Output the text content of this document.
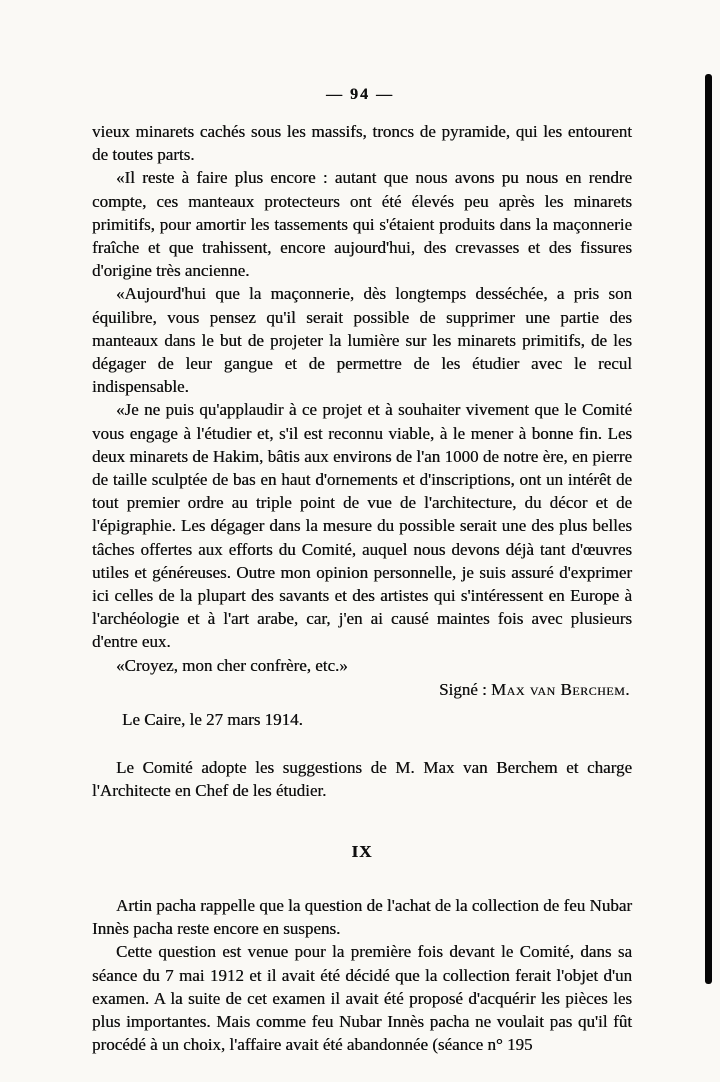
— 94 —

vieux minarets cachés sous les massifs, troncs de pyramide, qui les entourent de toutes parts.

«Il reste à faire plus encore : autant que nous avons pu nous en rendre compte, ces manteaux protecteurs ont été élevés peu après les minarets primitifs, pour amortir les tassements qui s'étaient produits dans la maçonnerie fraîche et que trahissent, encore aujourd'hui, des crevasses et des fissures d'origine très ancienne.

«Aujourd'hui que la maçonnerie, dès longtemps desséchée, a pris son équilibre, vous pensez qu'il serait possible de supprimer une partie des manteaux dans le but de projeter la lumière sur les minarets primitifs, de les dégager de leur gangue et de permettre de les étudier avec le recul indispensable.

«Je ne puis qu'applaudir à ce projet et à souhaiter vivement que le Comité vous engage à l'étudier et, s'il est reconnu viable, à le mener à bonne fin. Les deux minarets de Hakim, bâtis aux environs de l'an 1000 de notre ère, en pierre de taille sculptée de bas en haut d'ornements et d'inscriptions, ont un intérêt de tout premier ordre au triple point de vue de l'architecture, du décor et de l'épigraphie. Les dégager dans la mesure du possible serait une des plus belles tâches offertes aux efforts du Comité, auquel nous devons déjà tant d'œuvres utiles et généreuses. Outre mon opinion personnelle, je suis assuré d'exprimer ici celles de la plupart des savants et des artistes qui s'intéressent en Europe à l'archéologie et à l'art arabe, car, j'en ai causé maintes fois avec plusieurs d'entre eux.

«Croyez, mon cher confrère, etc.»

Signé : Max van Berchem.

Le Caire, le 27 mars 1914.

Le Comité adopte les suggestions de M. Max van Berchem et charge l'Architecte en Chef de les étudier.

IX

Artin pacha rappelle que la question de l'achat de la collection de feu Nubar Innès pacha reste encore en suspens.

Cette question est venue pour la première fois devant le Comité, dans sa séance du 7 mai 1912 et il avait été décidé que la collection ferait l'objet d'un examen. A la suite de cet examen il avait été proposé d'acquérir les pièces les plus importantes. Mais comme feu Nubar Innès pacha ne voulait pas qu'il fût procédé à un choix, l'affaire avait été abandonnée (séance n° 195
